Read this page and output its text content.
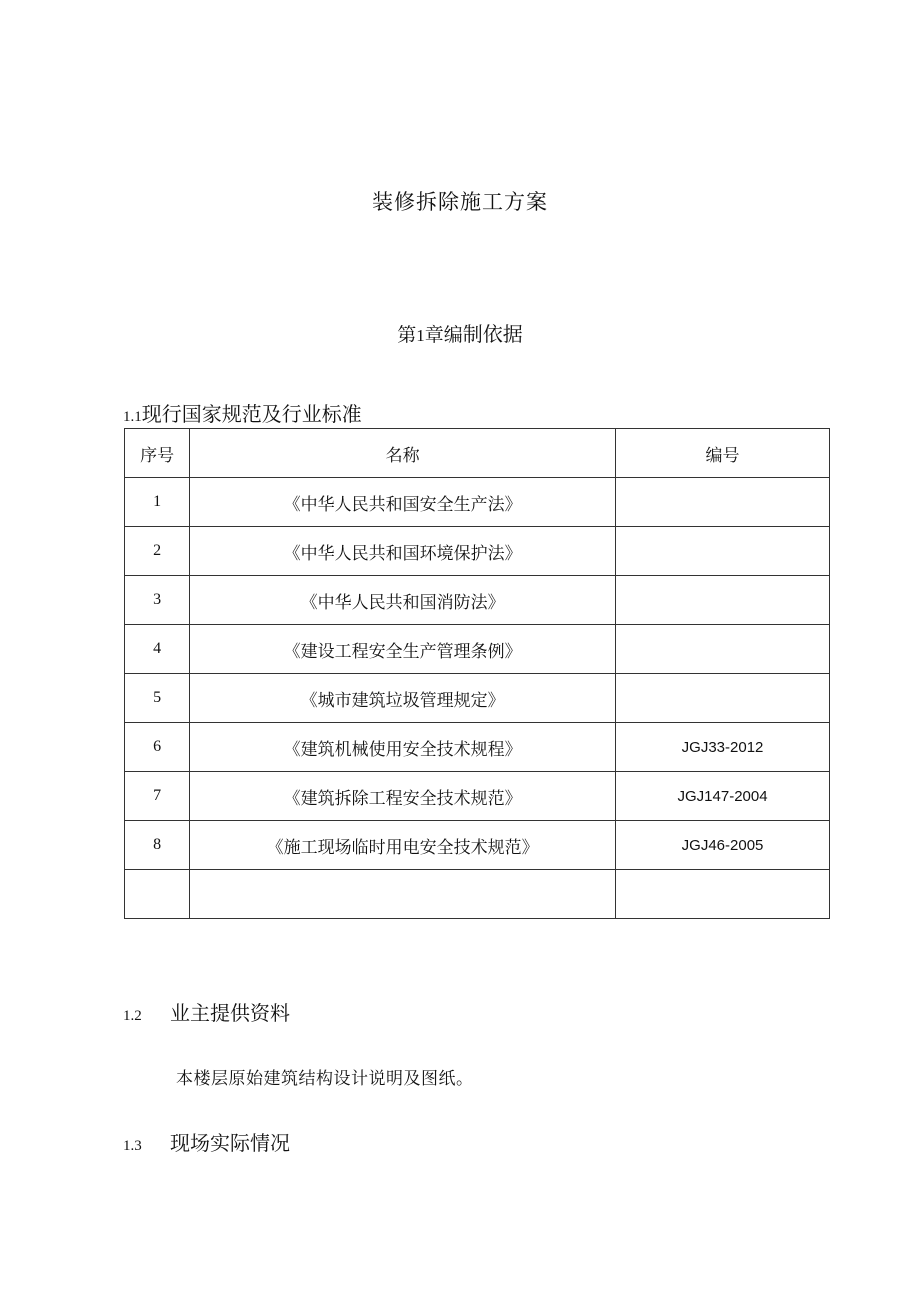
装修拆除施工方案
第1章编制依据
1.1现行国家规范及行业标准
序号	名称	编号
1	《中华人民共和国安全生产法》	
2	《中华人民共和国环境保护法》	
3	《中华人民共和国消防法》	
4	《建设工程安全生产管理条例》	
5	《城市建筑垃圾管理规定》	
6	《建筑机械使用安全技术规程》	JGJ33-2012
7	《建筑拆除工程安全技术规范》	JGJ147-2004
8	《施工现场临时用电安全技术规范》	JGJ46-2005

1.2 业主提供资料
本楼层原始建筑结构设计说明及图纸。
1.3 现场实际情况
